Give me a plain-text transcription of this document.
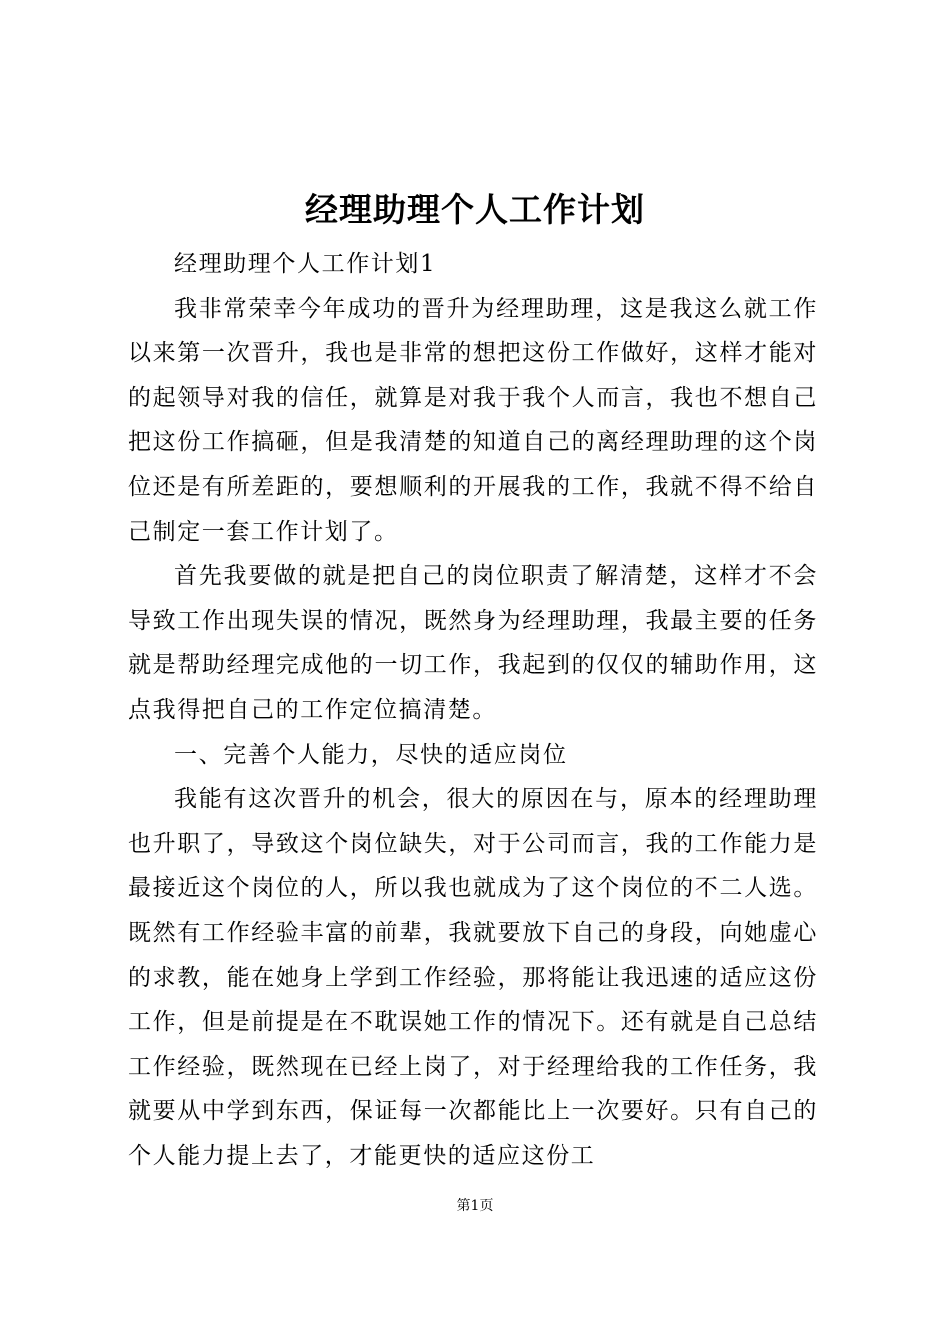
经理助理个人工作计划

经理助理个人工作计划1

我非常荣幸今年成功的晋升为经理助理，这是我这么就工作以来第一次晋升，我也是非常的想把这份工作做好，这样才能对的起领导对我的信任，就算是对我于我个人而言，我也不想自己把这份工作搞砸，但是我清楚的知道自己的离经理助理的这个岗位还是有所差距的，要想顺利的开展我的工作，我就不得不给自己制定一套工作计划了。

首先我要做的就是把自己的岗位职责了解清楚，这样才不会导致工作出现失误的情况，既然身为经理助理，我最主要的任务就是帮助经理完成他的一切工作，我起到的仅仅的辅助作用，这点我得把自己的工作定位搞清楚。

一、完善个人能力，尽快的适应岗位

我能有这次晋升的机会，很大的原因在与，原本的经理助理也升职了，导致这个岗位缺失，对于公司而言，我的工作能力是最接近这个岗位的人，所以我也就成为了这个岗位的不二人选。既然有工作经验丰富的前辈，我就要放下自己的身段，向她虚心的求教，能在她身上学到工作经验，那将能让我迅速的适应这份工作，但是前提是在不耽误她工作的情况下。还有就是自己总结工作经验，既然现在已经上岗了，对于经理给我的工作任务，我就要从中学到东西，保证每一次都能比上一次要好。只有自己的个人能力提上去了，才能更快的适应这份工

第1页
